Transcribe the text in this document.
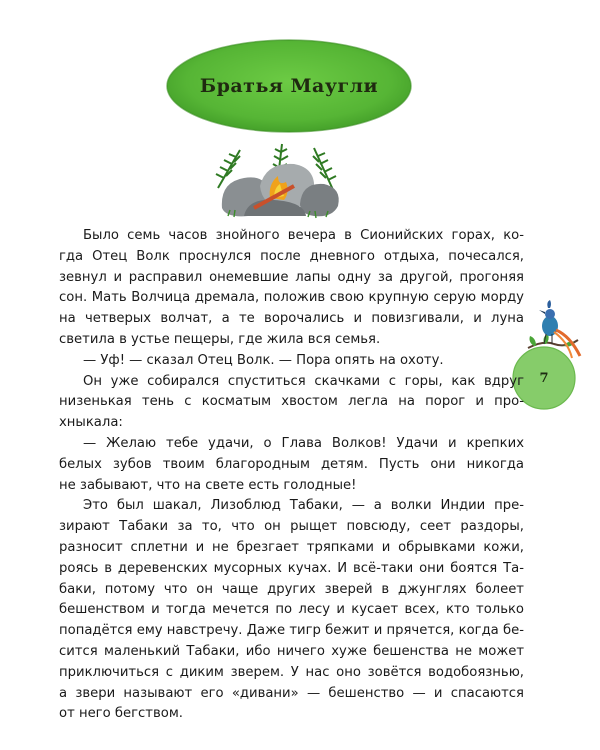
Братья Маугли
7
Было семь часов знойного вечера в Сионийских горах, ко-
гда Отец Волк проснулся после дневного отдыха, почесался,
зевнул и расправил онемевшие лапы одну за другой, прогоняя
сон. Мать Волчица дремала, положив свою крупную серую морду
на четверых волчат, а те ворочались и повизгивали, и луна
светила в устье пещеры, где жила вся семья.
— Уф! — сказал Отец Волк. — Пора опять на охоту.
Он уже собирался спуститься скачками с горы, как вдруг
низенькая тень с косматым хвостом легла на порог и про-
хныкала:
— Желаю тебе удачи, о Глава Волков! Удачи и крепких
белых зубов твоим благородным детям. Пусть они никогда
не забывают, что на свете есть голодные!
Это был шакал, Лизоблюд Табаки, — а волки Индии пре-
зирают Табаки за то, что он рыщет повсюду, сеет раздоры,
разносит сплетни и не брезгает тряпками и обрывками кожи,
роясь в деревенских мусорных кучах. И всё-таки они боятся Та-
баки, потому что он чаще других зверей в джунглях болеет
бешенством и тогда мечется по лесу и кусает всех, кто только
попадётся ему навстречу. Даже тигр бежит и прячется, когда бе-
сится маленький Табаки, ибо ничего хуже бешенства не может
приключиться с диким зверем. У нас оно зовётся водобоязнью,
а звери называют его «дивани» — бешенство — и спасаются
от него бегством.
